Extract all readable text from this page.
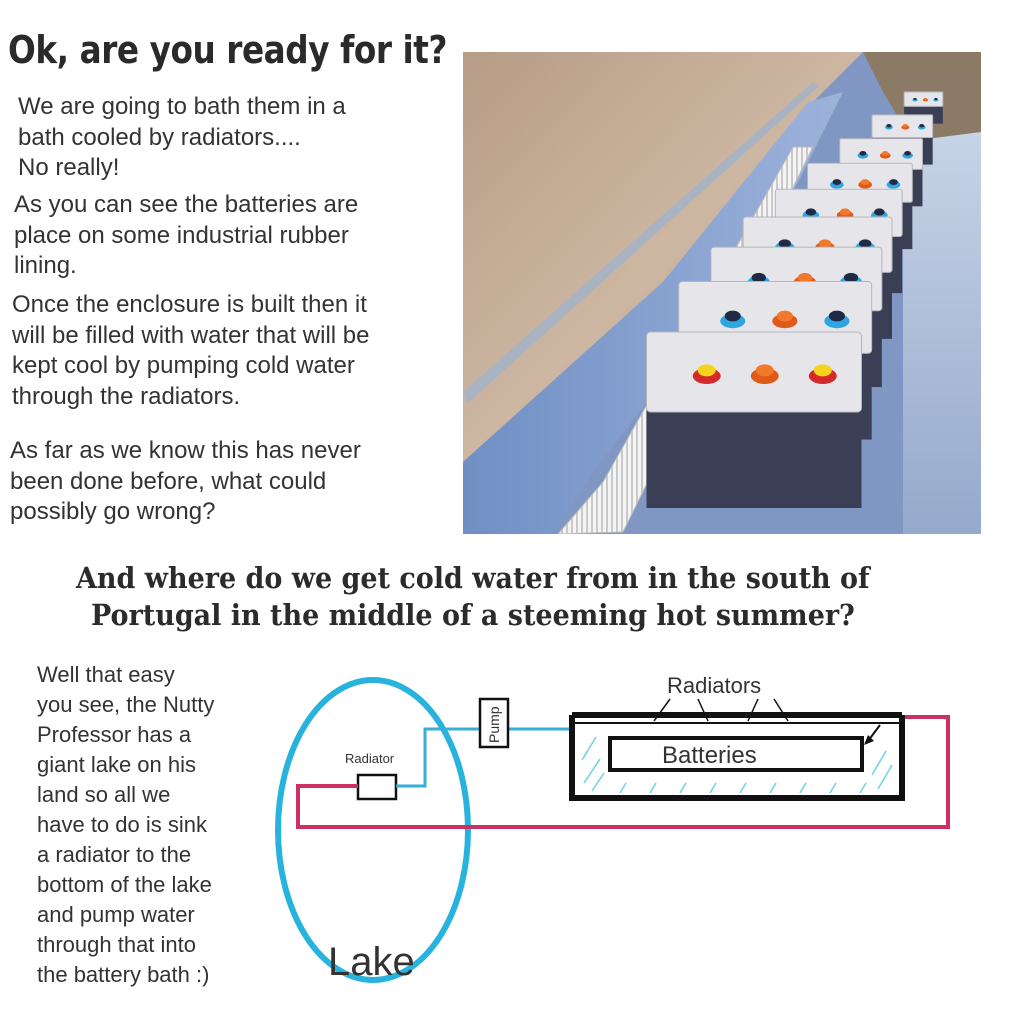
Ok, are you ready for it?

We are going to bath them in a
bath cooled by radiators....
No really!

As you can see the batteries are
place on some industrial rubber
lining.

Once the enclosure is built then it
will be filled with water that will be
kept cool by pumping cold water
through the radiators.

As far as we know this has never
been done before, what could
possibly go wrong?

And where do we get cold water from in the south of

Portugal in the middle of a steeming hot summer?

Well that easy
you see, the Nutty
Professor has a
giant lake on his
land so all we
have to do is sink
a radiator to the
bottom of the lake
and pump water
through that into
the battery bath :)	Lake
Radiator
Pump
Batteries
Radiators
